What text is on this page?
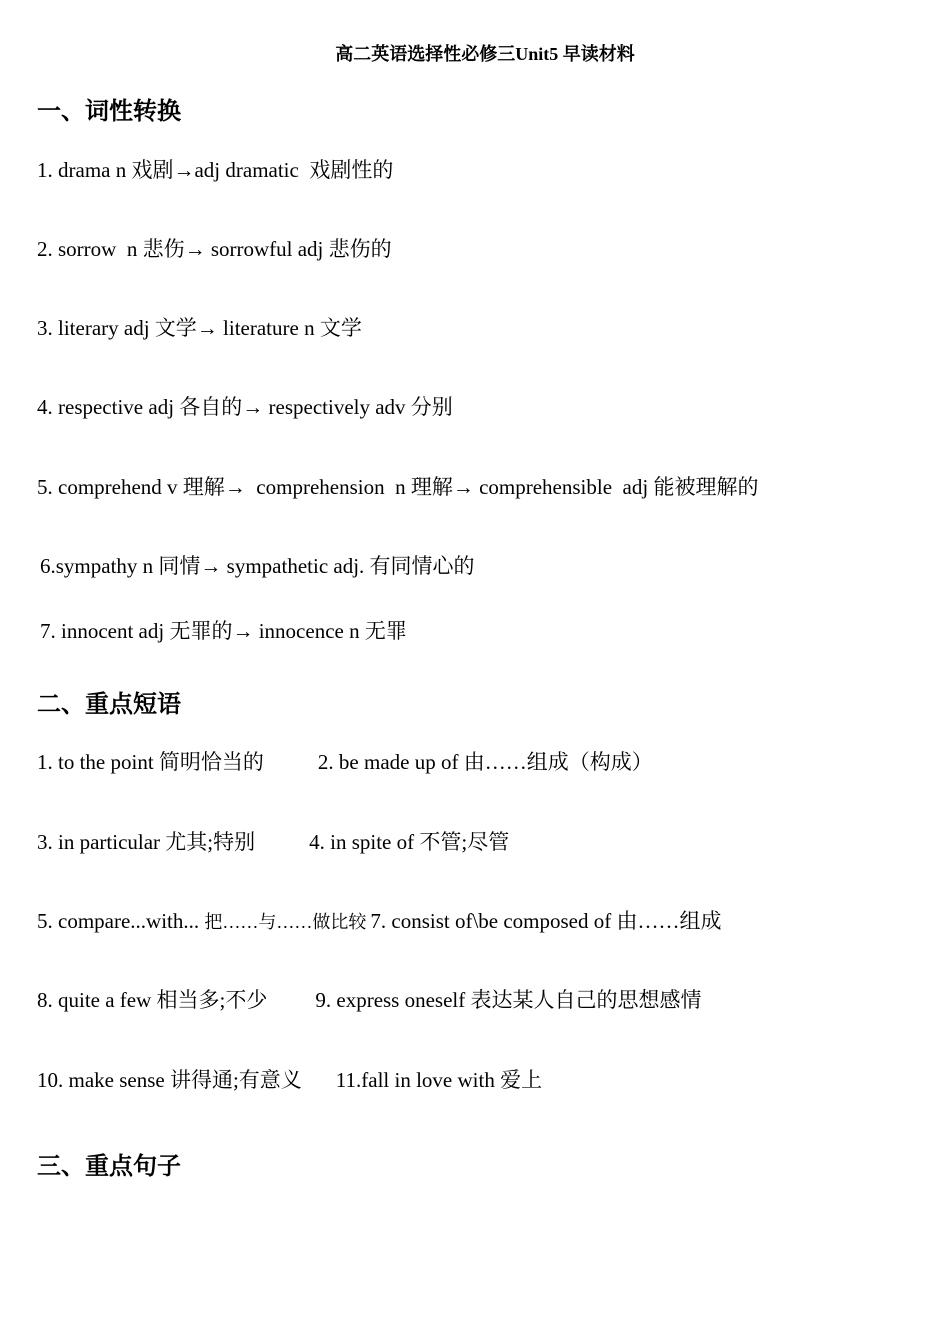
高二英语选择性必修三Unit5 早读材料
一、词性转换
1. drama n 戏剧→adj dramatic  戏剧性的
2. sorrow  n 悲伤→ sorrowful adj 悲伤的
3. literary adj 文学→ literature n 文学
4. respective adj 各自的→ respectively adv 分别
5. comprehend v 理解→  comprehension  n 理解→ comprehensible  adj 能被理解的
6.sympathy n 同情→ sympathetic adj. 有同情心的
7. innocent adj 无罪的→ innocence n 无罪
二、重点短语
1. to the point 简明恰当的	2. be made up of 由……组成（构成）
3. in particular 尤其;特别	4. in spite of 不管;尽管
5. compare...with... 把……与……做比较 7. consist of\be composed of 由……组成
8. quite a few 相当多;不少 9. express oneself 表达某人自己的思想感情
10. make sense 讲得通;有意义 11.fall in love with 爱上
三、重点句子
